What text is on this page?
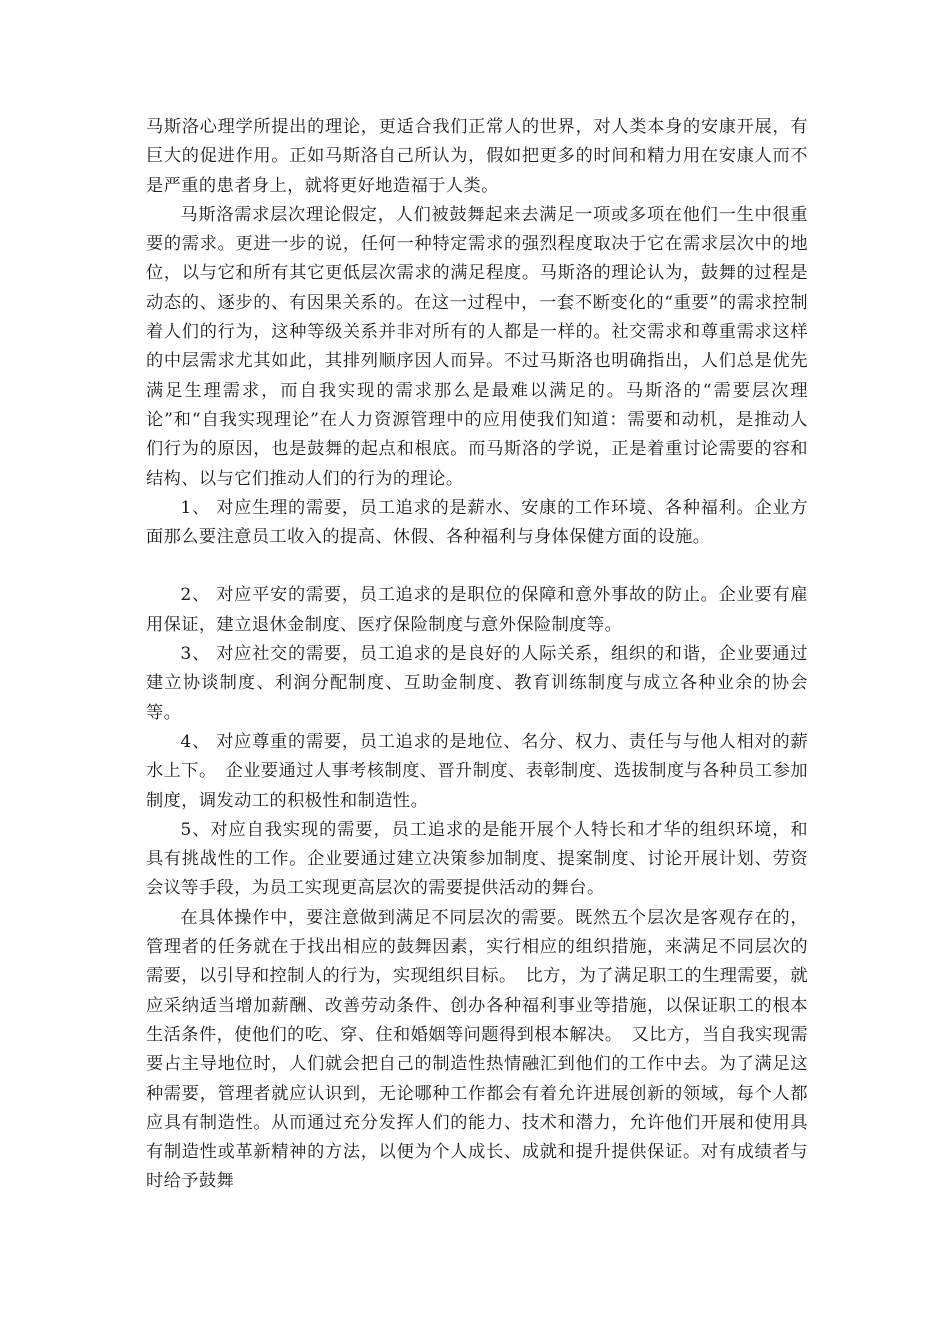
马斯洛心理学所提出的理论，更适合我们正常人的世界，对人类本身的安康开展，有巨大的促进作用。正如马斯洛自己所认为，假如把更多的时间和精力用在安康人而不是严重的患者身上，就将更好地造福于人类。

马斯洛需求层次理论假定，人们被鼓舞起来去满足一项或多项在他们一生中很重要的需求。更进一步的说，任何一种特定需求的强烈程度取决于它在需求层次中的地位，以与它和所有其它更低层次需求的满足程度。马斯洛的理论认为，鼓舞的过程是动态的、逐步的、有因果关系的。在这一过程中，一套不断变化的“重要”的需求控制着人们的行为，这种等级关系并非对所有的人都是一样的。社交需求和尊重需求这样的中层需求尤其如此，其排列顺序因人而异。不过马斯洛也明确指出，人们总是优先满足生理需求，而自我实现的需求那么是最难以满足的。马斯洛的“需要层次理论”和“自我实现理论”在人力资源管理中的应用使我们知道：需要和动机，是推动人们行为的原因，也是鼓舞的起点和根底。而马斯洛的学说，正是着重讨论需要的容和结构、以与它们推动人们的行为的理论。

1、 对应生理的需要，员工追求的是薪水、安康的工作环境、各种福利。企业方面那么要注意员工收入的提高、休假、各种福利与身体保健方面的设施。

2、 对应平安的需要，员工追求的是职位的保障和意外事故的防止。企业要有雇用保证，建立退休金制度、医疗保险制度与意外保险制度等。

3、 对应社交的需要，员工追求的是良好的人际关系，组织的和谐，企业要通过建立协谈制度、利润分配制度、互助金制度、教育训练制度与成立各种业余的协会等。

4、 对应尊重的需要，员工追求的是地位、名分、权力、责任与与他人相对的薪水上下。　企业要通过人事考核制度、晋升制度、表彰制度、选拔制度与各种员工参加制度，调发动工的积极性和制造性。

5、对应自我实现的需要，员工追求的是能开展个人特长和才华的组织环境，和具有挑战性的工作。企业要通过建立决策参加制度、提案制度、讨论开展计划、劳资会议等手段，为员工实现更高层次的需要提供活动的舞台。

在具体操作中，要注意做到满足不同层次的需要。既然五个层次是客观存在的，管理者的任务就在于找出相应的鼓舞因素，实行相应的组织措施，来满足不同层次的需要，以引导和控制人的行为，实现组织目标。　比方，为了满足职工的生理需要，就应采纳适当增加薪酬、改善劳动条件、创办各种福利事业等措施，以保证职工的根本生活条件，使他们的吃、穿、住和婚姻等问题得到根本解决。　又比方，当自我实现需要占主导地位时，人们就会把自己的制造性热情融汇到他们的工作中去。为了满足这种需要，管理者就应认识到，无论哪种工作都会有着允许进展创新的领域，每个人都应具有制造性。从而通过充分发挥人们的能力、技术和潜力，允许他们开展和使用具有制造性或革新精神的方法，以便为个人成长、成就和提升提供保证。对有成绩者与时给予鼓舞
